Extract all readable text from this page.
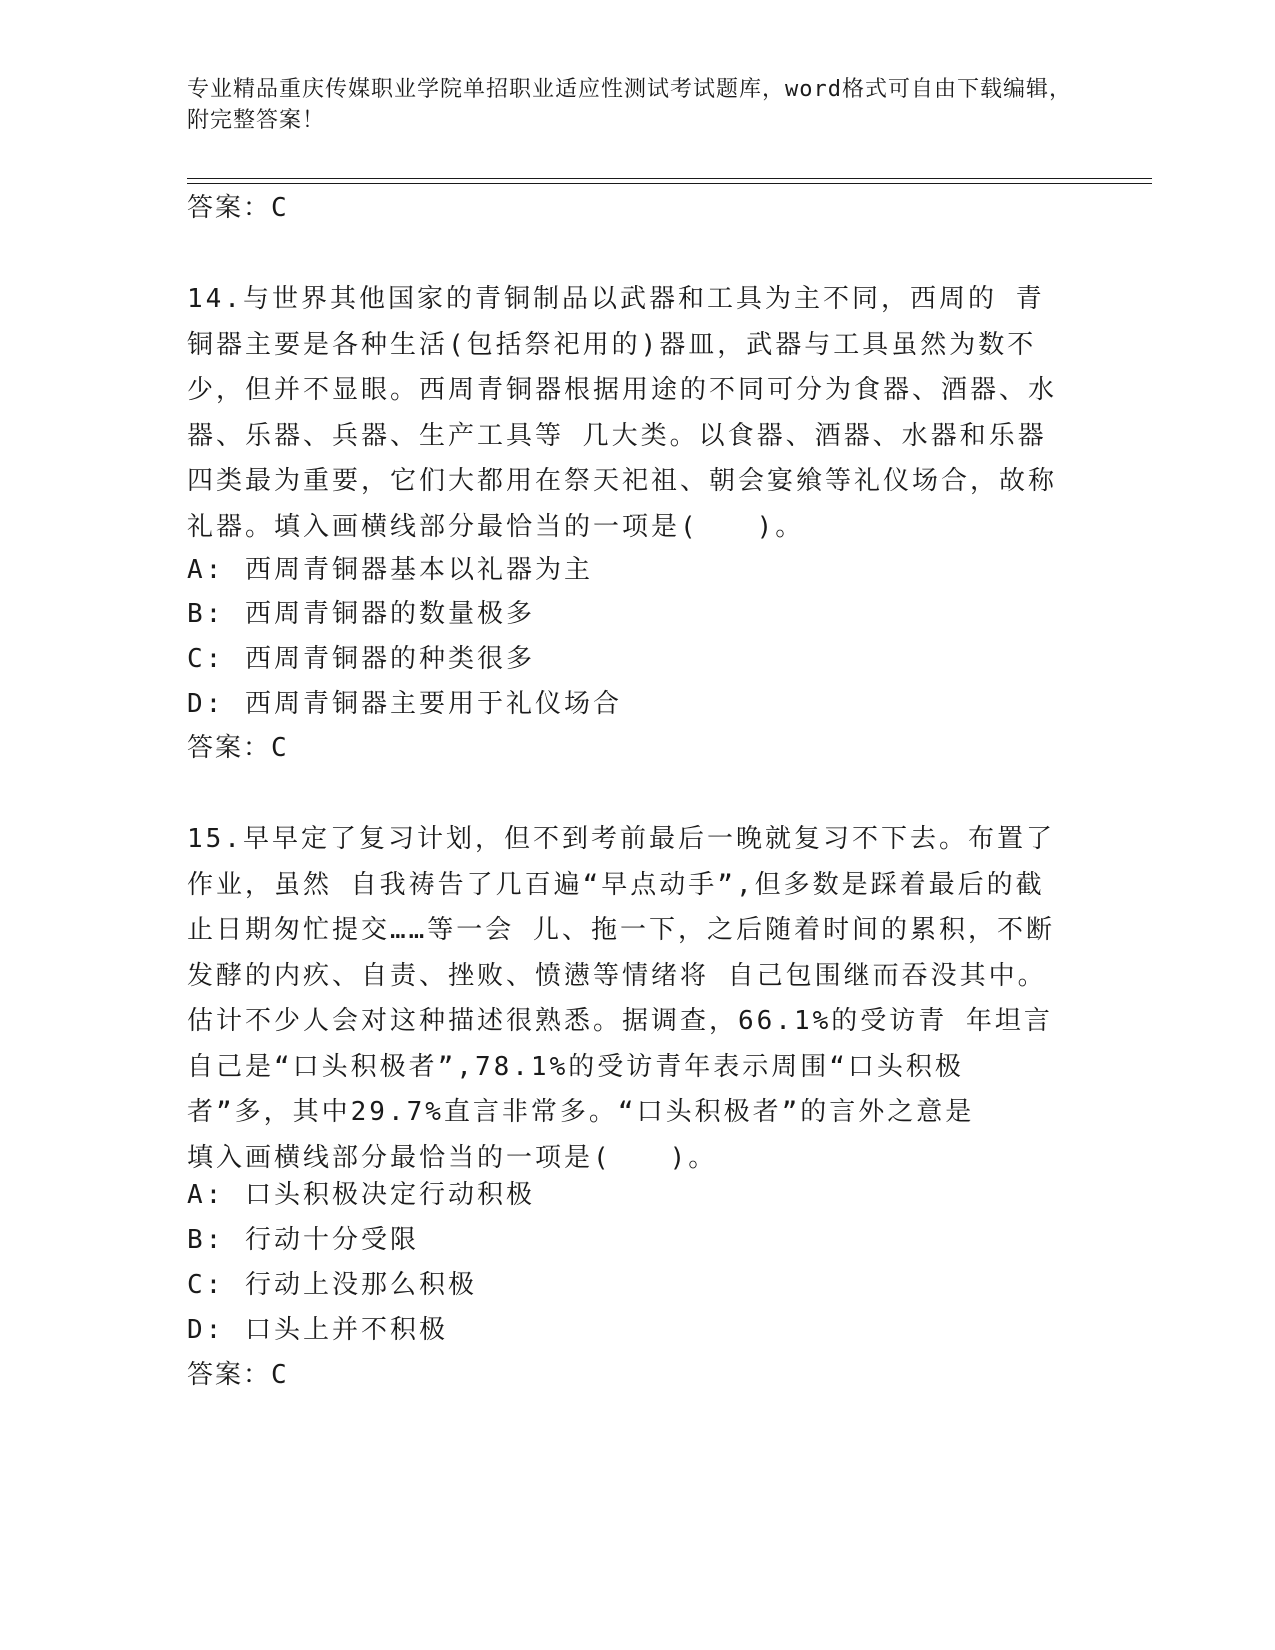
专业精品重庆传媒职业学院单招职业适应性测试考试题库，word格式可自由下载编辑，附完整答案！
答案：C
14.与世界其他国家的青铜制品以武器和工具为主不同，西周的 青铜器主要是各种生活(包括祭祀用的)器皿，武器与工具虽然为数不少，但并不显眼。西周青铜器根据用途的不同可分为食器、酒器、水器、乐器、兵器、生产工具等 几大类。以食器、酒器、水器和乐器四类最为重要，它们大都用在祭天祀祖、朝会宴飨等礼仪场合，故称礼器。填入画横线部分最恰当的一项是(　　)。
A: 西周青铜器基本以礼器为主
B: 西周青铜器的数量极多
C: 西周青铜器的种类很多
D: 西周青铜器主要用于礼仪场合
答案：C
15.早早定了复习计划，但不到考前最后一晚就复习不下去。布置了作业，虽然 自我祷告了几百遍“早点动手”,但多数是踩着最后的截止日期匆忙提交……等一会 儿、拖一下，之后随着时间的累积，不断发酵的内疚、自责、挫败、愤懑等情绪将 自己包围继而吞没其中。估计不少人会对这种描述很熟悉。据调查，66.1%的受访青 年坦言自己是“口头积极者”,78.1%的受访青年表示周围“口头积极者”多，其中29.7%直言非常多。“口头积极者”的言外之意是　　　　　　　填入画横线部分最恰当的一项是(　　)。
A: 口头积极决定行动积极
B: 行动十分受限
C: 行动上没那么积极
D: 口头上并不积极
答案：C
